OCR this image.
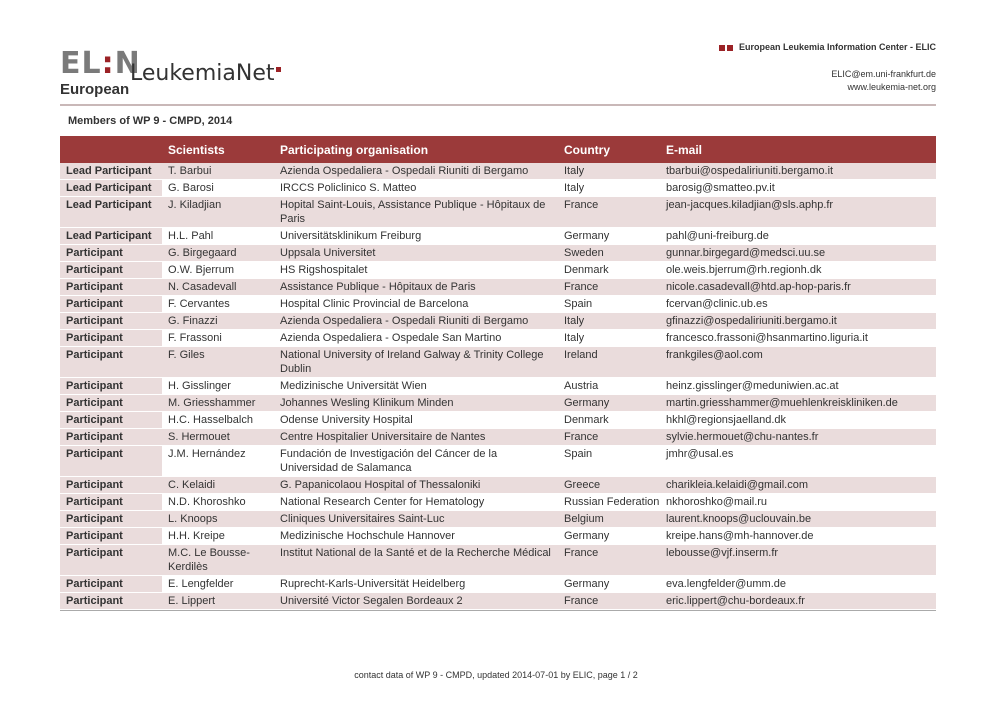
EL:N
European
LeukemiaNet
European Leukemia Information Center - ELIC
ELIC@em.uni-frankfurt.de
www.leukemia-net.org
Members of WP 9 - CMPD, 2014
	Scientists	Participating organisation	Country	E-mail
Lead Participant	T. Barbui	Azienda Ospedaliera - Ospedali Riuniti di Bergamo	Italy	tbarbui@ospedaliriuniti.bergamo.it
Lead Participant	G. Barosi	IRCCS Policlinico S. Matteo	Italy	barosig@smatteo.pv.it
Lead Participant	J. Kiladjian	Hopital Saint-Louis, Assistance Publique - Hôpitaux de Paris	France	jean-jacques.kiladjian@sls.aphp.fr
Lead Participant	H.L. Pahl	Universitätsklinikum Freiburg	Germany	pahl@uni-freiburg.de
Participant	G. Birgegaard	Uppsala Universitet	Sweden	gunnar.birgegard@medsci.uu.se
Participant	O.W. Bjerrum	HS Rigshospitalet	Denmark	ole.weis.bjerrum@rh.regionh.dk
Participant	N. Casadevall	Assistance Publique - Hôpitaux de Paris	France	nicole.casadevall@htd.ap-hop-paris.fr
Participant	F. Cervantes	Hospital Clinic Provincial de Barcelona	Spain	fcervan@clinic.ub.es
Participant	G. Finazzi	Azienda Ospedaliera - Ospedali Riuniti di Bergamo	Italy	gfinazzi@ospedaliriuniti.bergamo.it
Participant	F. Frassoni	Azienda Ospedaliera - Ospedale San Martino	Italy	francesco.frassoni@hsanmartino.liguria.it
Participant	F. Giles	National University of Ireland Galway & Trinity College Dublin	Ireland	frankgiles@aol.com
Participant	H. Gisslinger	Medizinische Universität Wien	Austria	heinz.gisslinger@meduniwien.ac.at
Participant	M. Griesshammer	Johannes Wesling Klinikum Minden	Germany	martin.griesshammer@muehlenkreiskliniken.de
Participant	H.C. Hasselbalch	Odense University Hospital	Denmark	hkhl@regionsjaelland.dk
Participant	S. Hermouet	Centre Hospitalier Universitaire de Nantes	France	sylvie.hermouet@chu-nantes.fr
Participant	J.M. Hernández	Fundación de Investigación del Cáncer de la Universidad de Salamanca	Spain	jmhr@usal.es
Participant	C. Kelaidi	G. Papanicolaou Hospital of Thessaloniki	Greece	charikleia.kelaidi@gmail.com
Participant	N.D. Khoroshko	National Research Center for Hematology	Russian Federation	nkhoroshko@mail.ru
Participant	L. Knoops	Cliniques Universitaires Saint-Luc	Belgium	laurent.knoops@uclouvain.be
Participant	H.H. Kreipe	Medizinische Hochschule Hannover	Germany	kreipe.hans@mh-hannover.de
Participant	M.C. Le Bousse-Kerdilès	Institut National de la Santé et de la Recherche Médical	France	lebousse@vjf.inserm.fr
Participant	E. Lengfelder	Ruprecht-Karls-Universität Heidelberg	Germany	eva.lengfelder@umm.de
Participant	E. Lippert	Université Victor Segalen Bordeaux 2	France	eric.lippert@chu-bordeaux.fr
contact data of WP 9 - CMPD, updated 2014-07-01 by ELIC, page 1 / 2
